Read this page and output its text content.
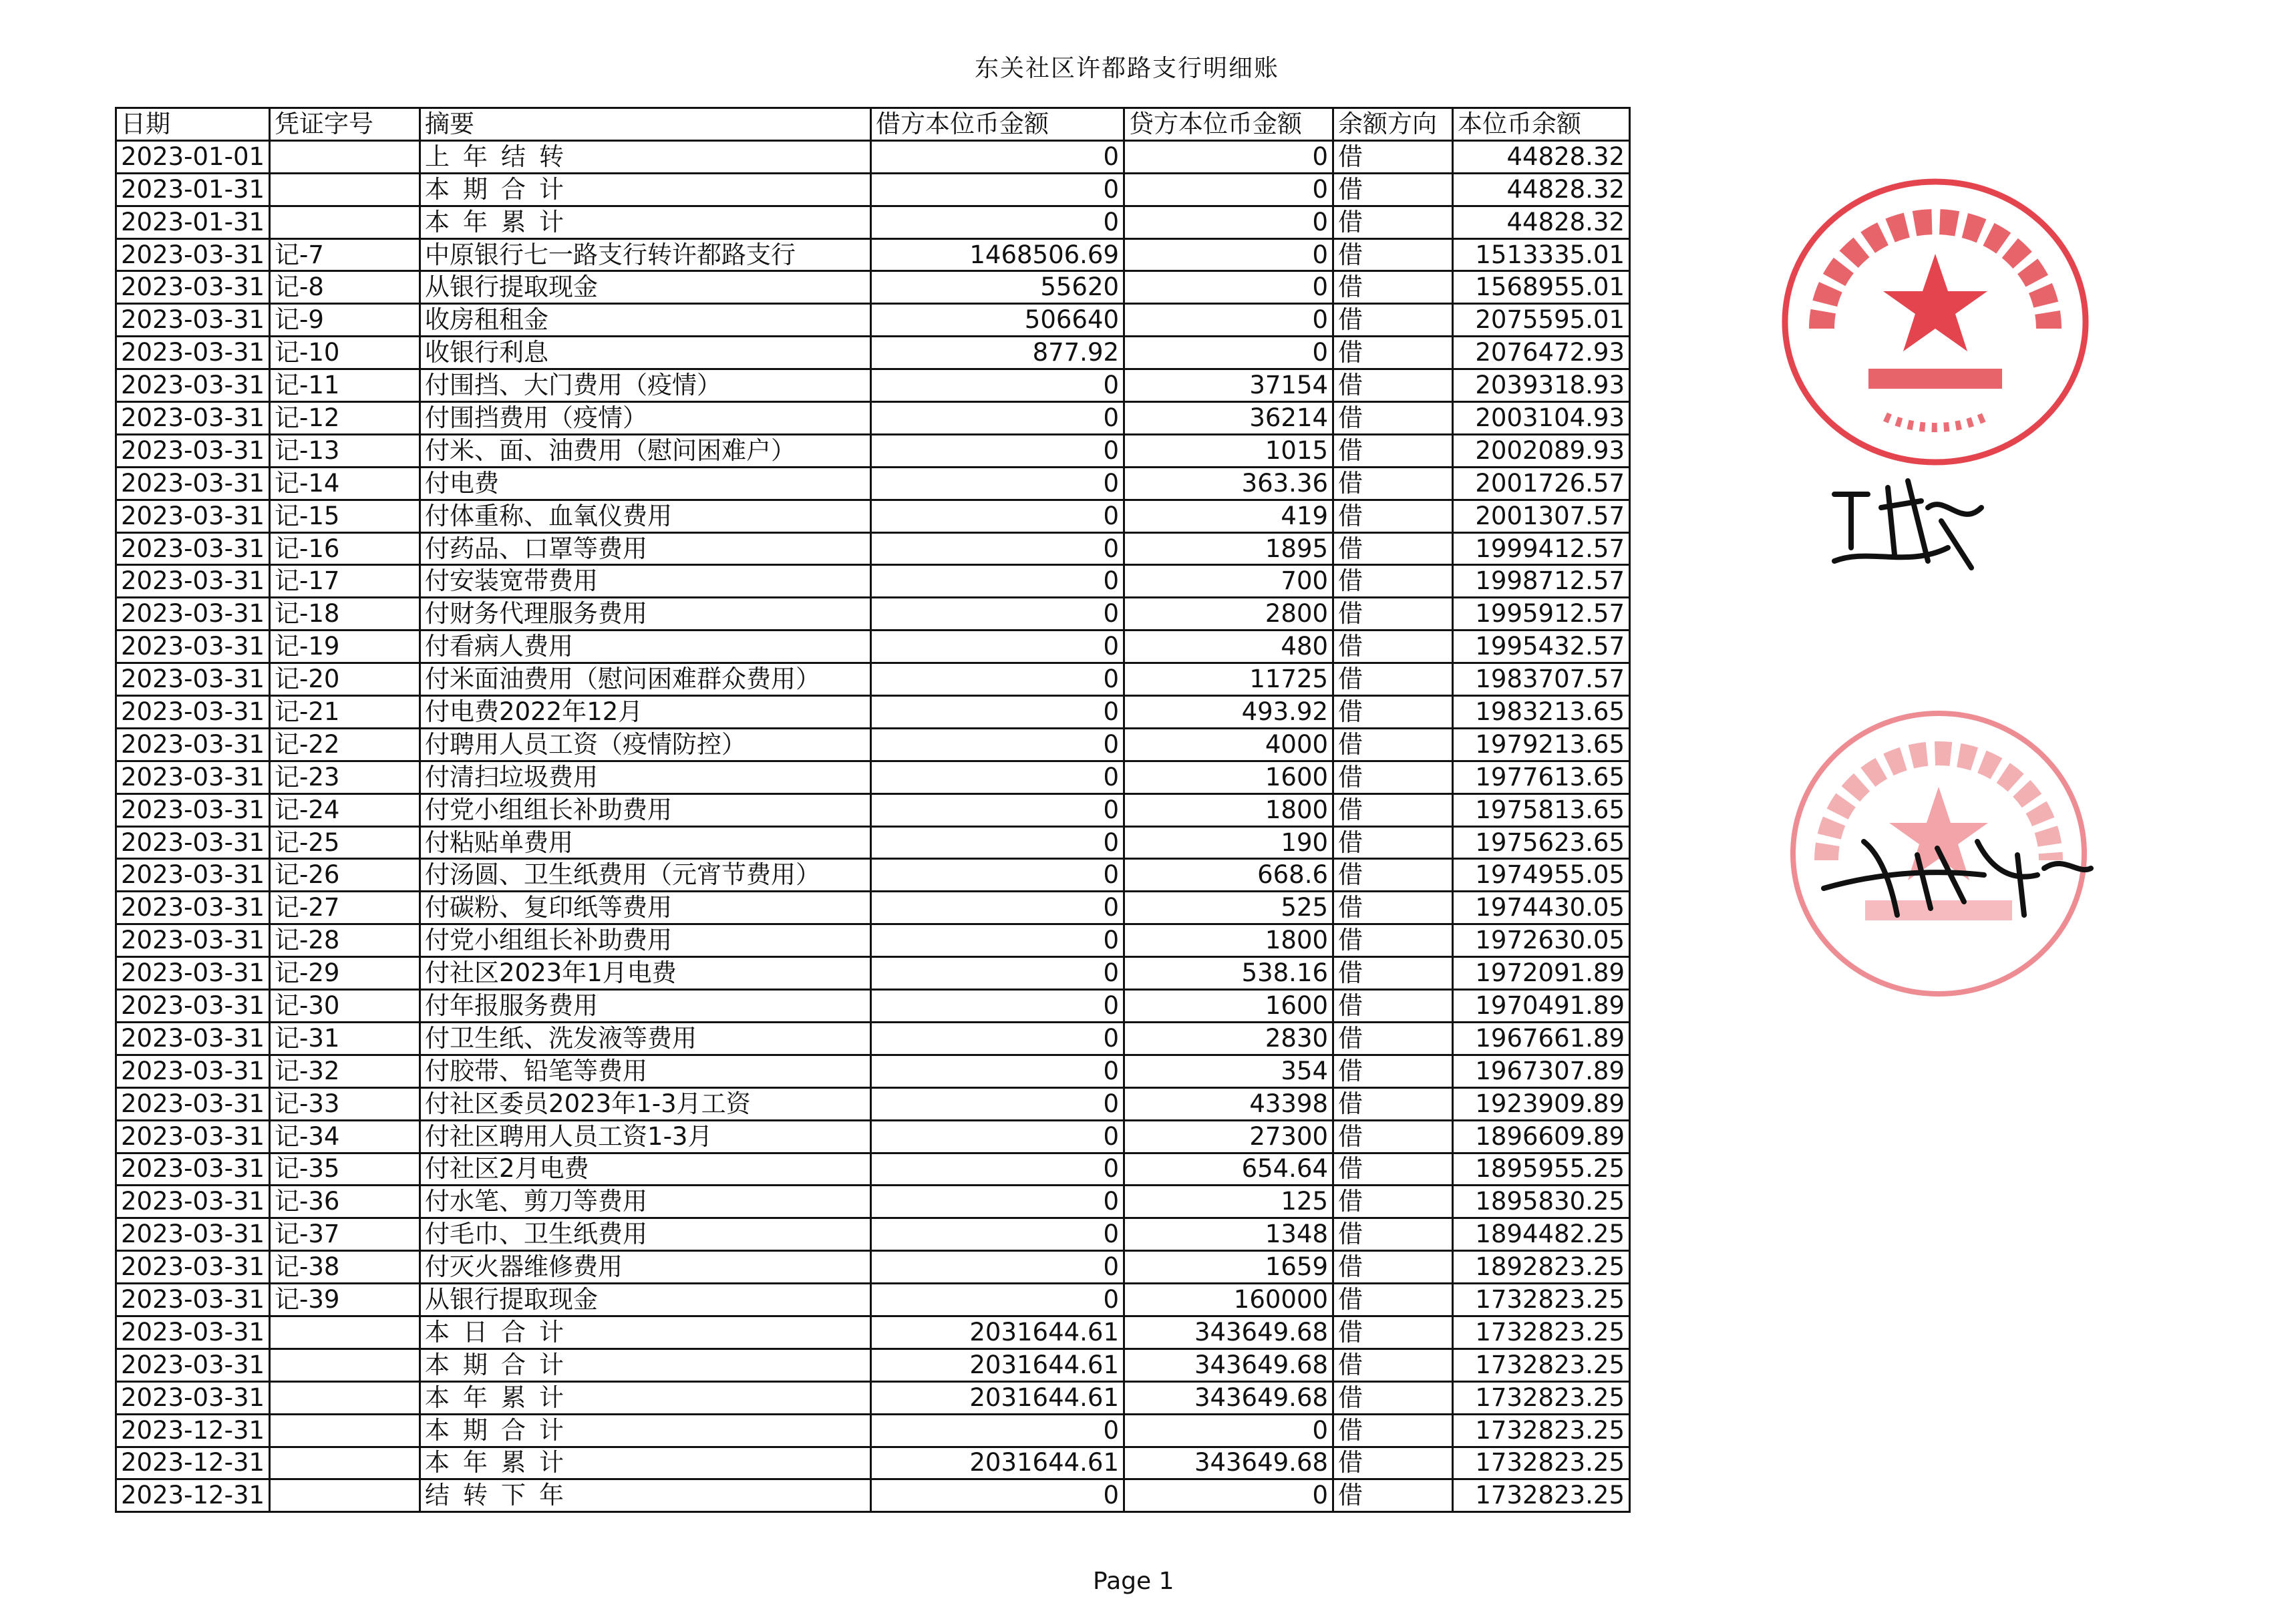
东关社区许都路支行明细账
日期	凭证字号	摘要	借方本位币金额	贷方本位币金额	余额方向	本位币余额
2023-01-01		上年结转	0	0	借	44828.32
2023-01-31		本期合计	0	0	借	44828.32
2023-01-31		本年累计	0	0	借	44828.32
2023-03-31	记-7	中原银行七一路支行转许都路支行	1468506.69	0	借	1513335.01
2023-03-31	记-8	从银行提取现金	55620	0	借	1568955.01
2023-03-31	记-9	收房租租金	506640	0	借	2075595.01
2023-03-31	记-10	收银行利息	877.92	0	借	2076472.93
2023-03-31	记-11	付围挡、大门费用（疫情）	0	37154	借	2039318.93
2023-03-31	记-12	付围挡费用（疫情）	0	36214	借	2003104.93
2023-03-31	记-13	付米、面、油费用（慰问困难户）	0	1015	借	2002089.93
2023-03-31	记-14	付电费	0	363.36	借	2001726.57
2023-03-31	记-15	付体重称、血氧仪费用	0	419	借	2001307.57
2023-03-31	记-16	付药品、口罩等费用	0	1895	借	1999412.57
2023-03-31	记-17	付安装宽带费用	0	700	借	1998712.57
2023-03-31	记-18	付财务代理服务费用	0	2800	借	1995912.57
2023-03-31	记-19	付看病人费用	0	480	借	1995432.57
2023-03-31	记-20	付米面油费用（慰问困难群众费用）	0	11725	借	1983707.57
2023-03-31	记-21	付电费2022年12月	0	493.92	借	1983213.65
2023-03-31	记-22	付聘用人员工资（疫情防控）	0	4000	借	1979213.65
2023-03-31	记-23	付清扫垃圾费用	0	1600	借	1977613.65
2023-03-31	记-24	付党小组组长补助费用	0	1800	借	1975813.65
2023-03-31	记-25	付粘贴单费用	0	190	借	1975623.65
2023-03-31	记-26	付汤圆、卫生纸费用（元宵节费用）	0	668.6	借	1974955.05
2023-03-31	记-27	付碳粉、复印纸等费用	0	525	借	1974430.05
2023-03-31	记-28	付党小组组长补助费用	0	1800	借	1972630.05
2023-03-31	记-29	付社区2023年1月电费	0	538.16	借	1972091.89
2023-03-31	记-30	付年报服务费用	0	1600	借	1970491.89
2023-03-31	记-31	付卫生纸、洗发液等费用	0	2830	借	1967661.89
2023-03-31	记-32	付胶带、铅笔等费用	0	354	借	1967307.89
2023-03-31	记-33	付社区委员2023年1-3月工资	0	43398	借	1923909.89
2023-03-31	记-34	付社区聘用人员工资1-3月	0	27300	借	1896609.89
2023-03-31	记-35	付社区2月电费	0	654.64	借	1895955.25
2023-03-31	记-36	付水笔、剪刀等费用	0	125	借	1895830.25
2023-03-31	记-37	付毛巾、卫生纸费用	0	1348	借	1894482.25
2023-03-31	记-38	付灭火器维修费用	0	1659	借	1892823.25
2023-03-31	记-39	从银行提取现金	0	160000	借	1732823.25
2023-03-31		本日合计	2031644.61	343649.68	借	1732823.25
2023-03-31		本期合计	2031644.61	343649.68	借	1732823.25
2023-03-31		本年累计	2031644.61	343649.68	借	1732823.25
2023-12-31		本期合计	0	0	借	1732823.25
2023-12-31		本年累计	2031644.61	343649.68	借	1732823.25
2023-12-31		结转下年	0	0	借	1732823.25
Page 1
